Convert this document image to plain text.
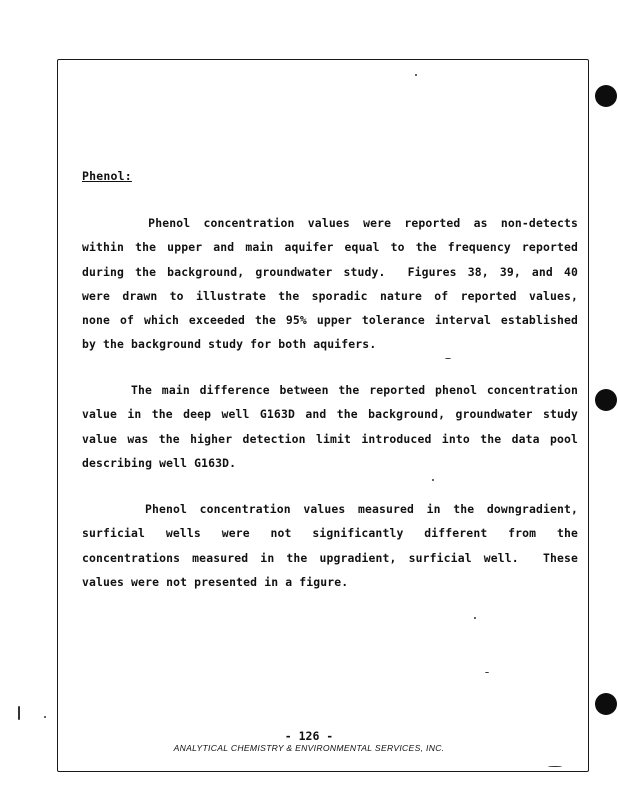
Phenol:
Phenol concentration values were reported as non-detects
within the upper and main aquifer equal to the frequency reported
during the background, groundwater study.  Figures 38, 39, and 40
were drawn to illustrate the sporadic nature of reported values,
none of which exceeded the 95% upper tolerance interval established
by the background study for both aquifers.
The main difference between the reported phenol concentration
value in the deep well G163D and the background, groundwater study
value was the higher detection limit introduced into the data pool
describing well G163D.
Phenol concentration values measured in the downgradient,
surficial wells were not significantly different from the
concentrations measured in the upgradient, surficial well.  These
values were not presented in a figure.
- 126 -
ANALYTICAL CHEMISTRY & ENVIRONMENTAL SERVICES, INC.
